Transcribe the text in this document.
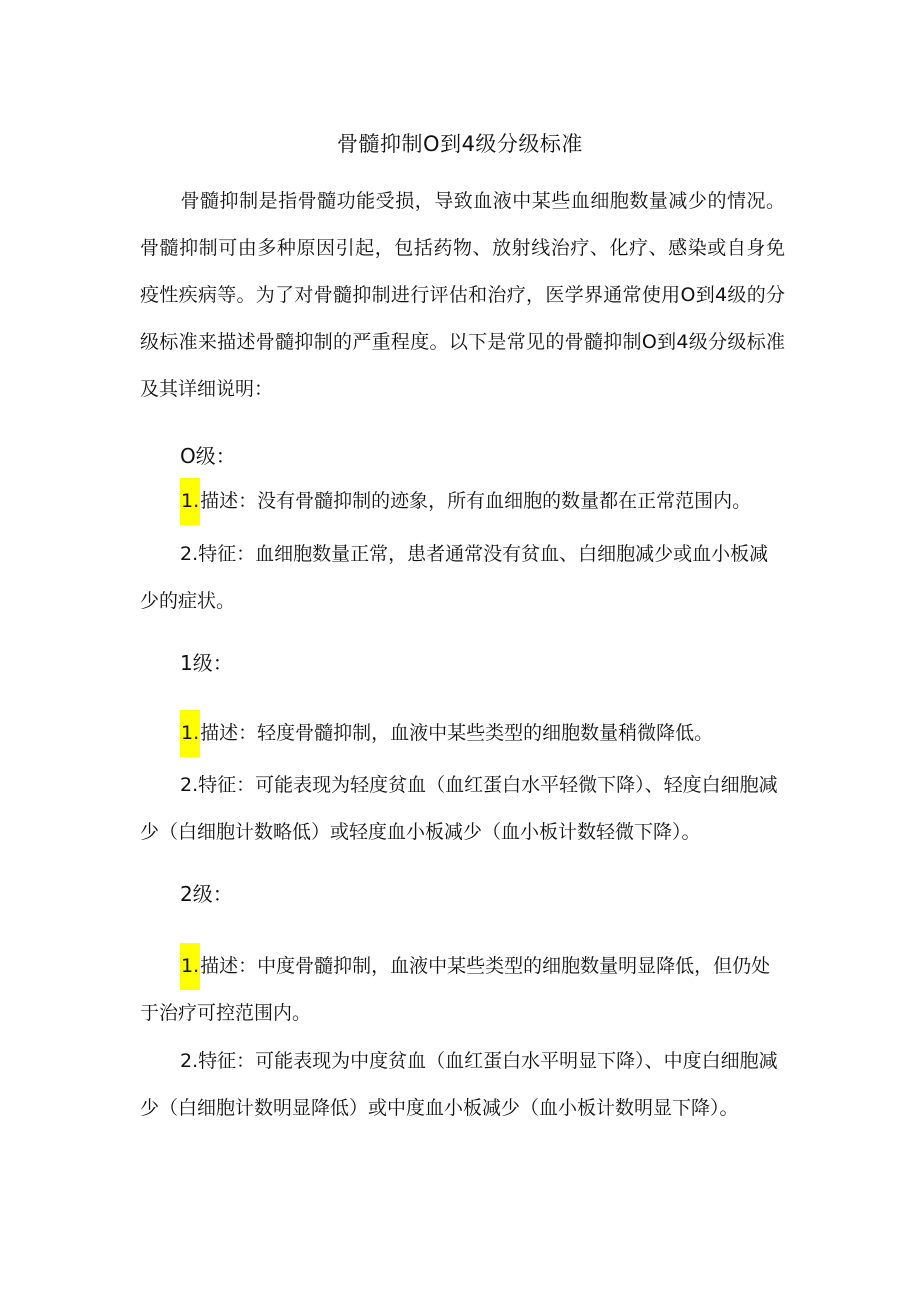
骨髓抑制O到4级分级标准
骨髓抑制是指骨髓功能受损，导致血液中某些血细胞数量减少的情况。骨髓抑制可由多种原因引起，包括药物、放射线治疗、化疗、感染或自身免疫性疾病等。为了对骨髓抑制进行评估和治疗，医学界通常使用O到4级的分级标准来描述骨髓抑制的严重程度。以下是常见的骨髓抑制O到4级分级标准及其详细说明：
O级：
1.描述：没有骨髓抑制的迹象，所有血细胞的数量都在正常范围内。
2.特征：血细胞数量正常，患者通常没有贫血、白细胞减少或血小板减少的症状。
1级：
1.描述：轻度骨髓抑制，血液中某些类型的细胞数量稍微降低。
2.特征：可能表现为轻度贫血（血红蛋白水平轻微下降）、轻度白细胞减少（白细胞计数略低）或轻度血小板减少（血小板计数轻微下降）。
2级：
1.描述：中度骨髓抑制，血液中某些类型的细胞数量明显降低，但仍处于治疗可控范围内。
2.特征：可能表现为中度贫血（血红蛋白水平明显下降）、中度白细胞减少（白细胞计数明显降低）或中度血小板减少（血小板计数明显下降）。
